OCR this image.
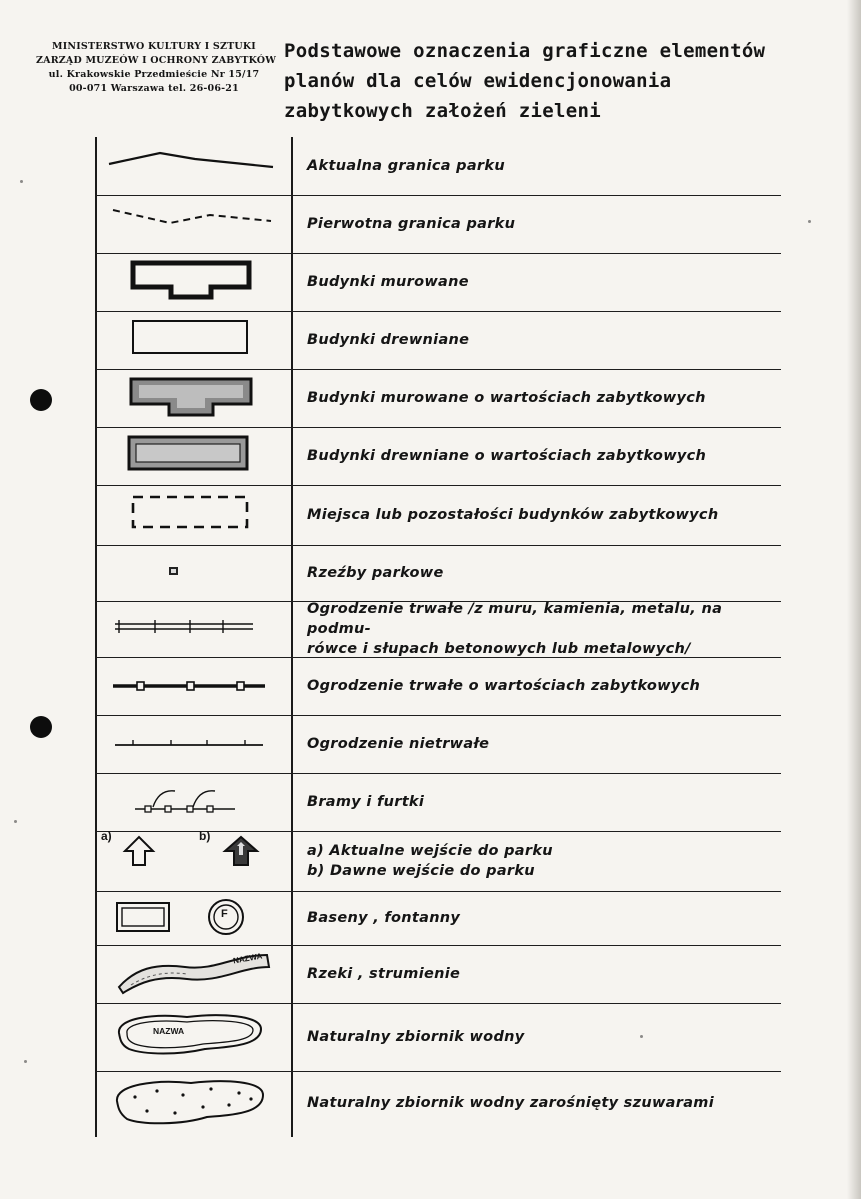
MINISTERSTWO KULTURY I SZTUKI
ZARZĄD MUZEÓW I OCHRONY ZABYTKÓW
ul. Krakowskie Przedmieście Nr 15/17
00-071 Warszawa tel. 26-06-21
Podstawowe oznaczenia graficzne elementów
planów dla celów ewidencjonowania
zabytkowych założeń zieleni
Aktualna granica parku
Pierwotna granica parku
Budynki murowane
Budynki drewniane
Budynki murowane o wartościach zabytkowych
Budynki drewniane o wartościach zabytkowych
Miejsca lub pozostałości budynków zabytkowych
Rzeźby parkowe
Ogrodzenie trwałe /z muru, kamienia, metalu, na podmu-
rówce i słupach betonowych lub metalowych/
Ogrodzenie trwałe o wartościach zabytkowych
Ogrodzenie nietrwałe
Bramy i furtki
a)	b)
a) Aktualne wejście do parku
b) Dawne wejście do parku
F	Baseny , fontanny
NAZWA
Rzeki , strumienie
NAZWA	Naturalny zbiornik wodny
Naturalny zbiornik wodny zarośnięty szuwarami
